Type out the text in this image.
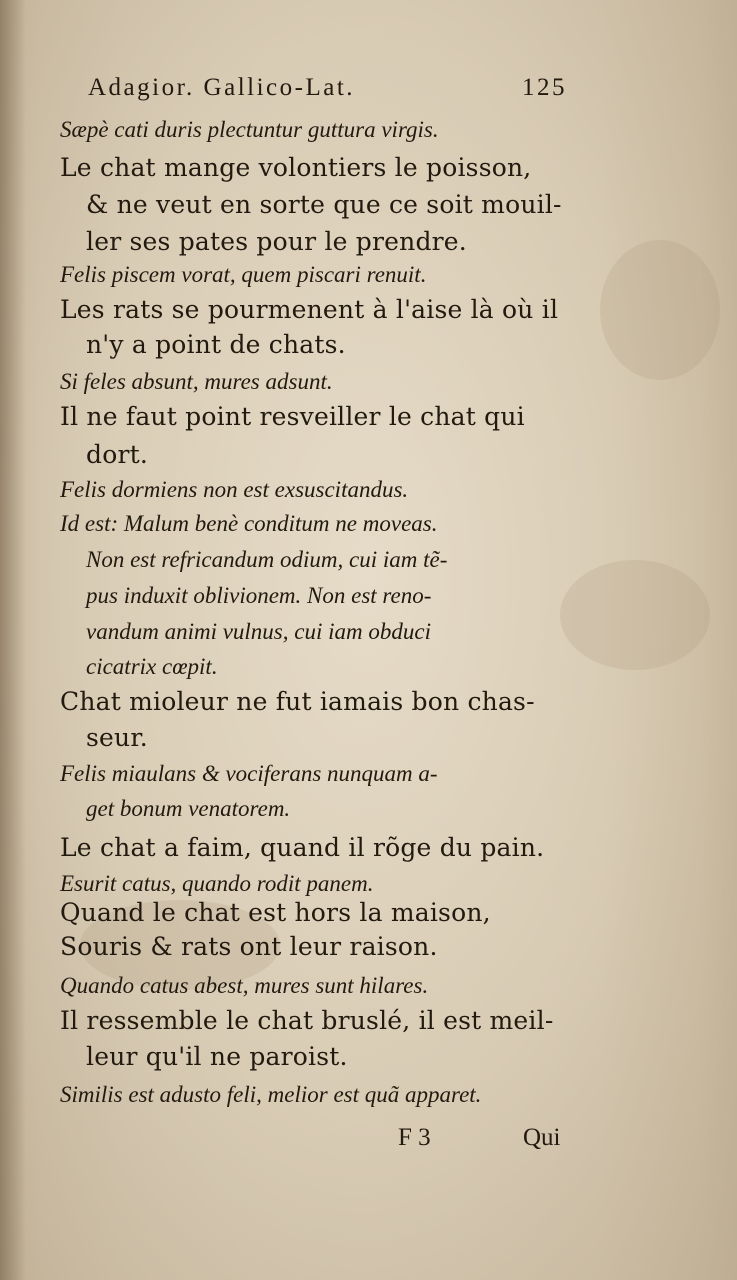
Adagior. Gallico-Lat.	125
Sæpè cati duris plectuntur guttura virgis.
Le chat mange volontiers le poisson,
& ne veut en sorte que ce soit mouil-
ler ses pates pour le prendre.
Felis piscem vorat, quem piscari renuit.
Les rats se pourmenent à l'aise là où il
n'y a point de chats.
Si feles absunt, mures adsunt.
Il ne faut point resveiller le chat qui
dort.
Felis dormiens non est exsuscitandus.
Id est: Malum benè conditum ne moveas.
Non est refricandum odium, cui iam tẽ-
pus induxit oblivionem. Non est reno-
vandum animi vulnus, cui iam obduci
cicatrix cœpit.
Chat mioleur ne fut iamais bon chas-
seur.
Felis miaulans & vociferans nunquam a-
get bonum venatorem.
Le chat a faim, quand il rõge du pain.
Esurit catus, quando rodit panem.
Quand le chat est hors la maison,
Souris & rats ont leur raison.
Quando catus abest, mures sunt hilares.
Il ressemble le chat bruslé, il est meil-
leur qu'il ne paroist.
Similis est adusto feli, melior est quã apparet.
F 3	Qui
